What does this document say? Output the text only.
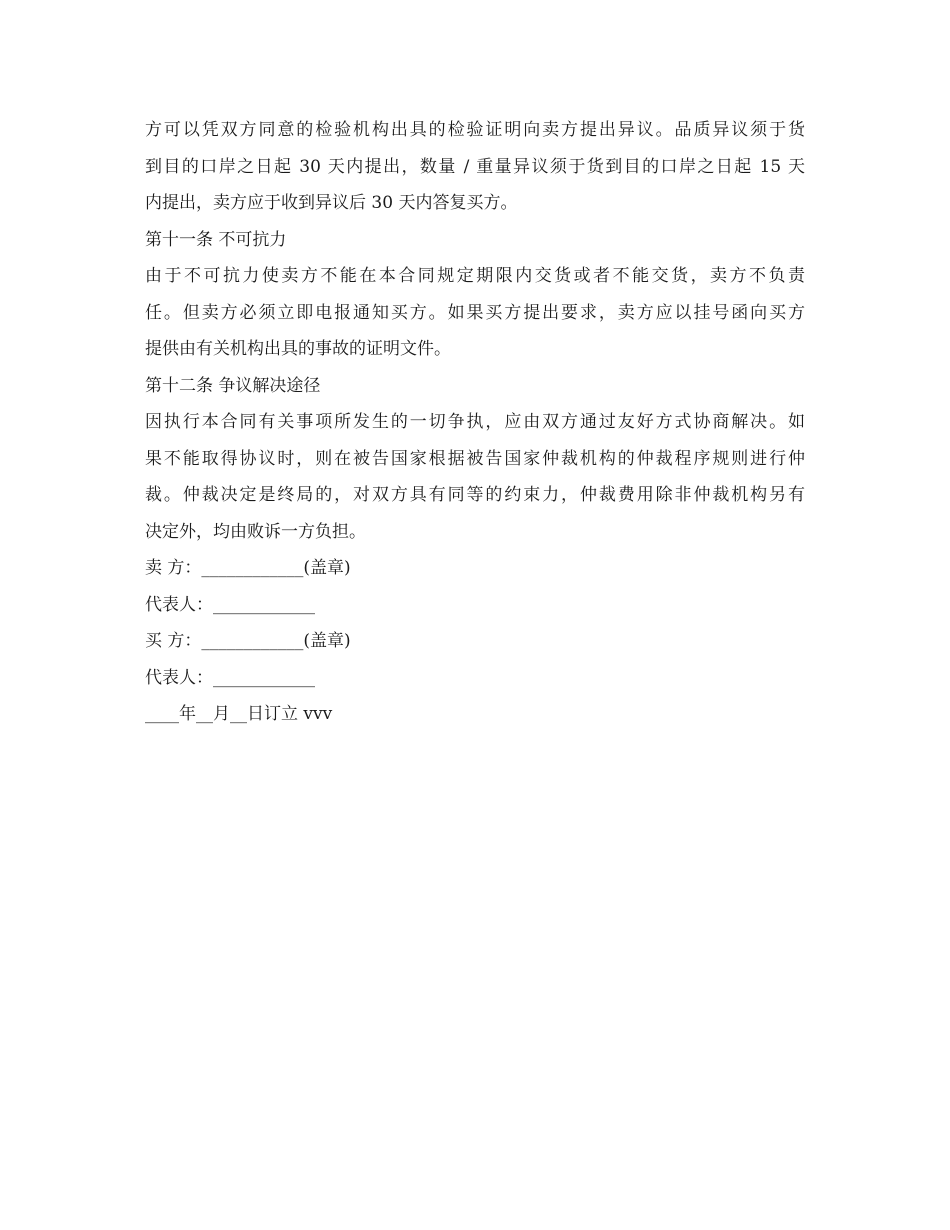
方可以凭双方同意的检验机构出具的检验证明向卖方提出异议。品质异议须于货

到目的口岸之日起 30 天内提出，数量 / 重量异议须于货到目的口岸之日起 15 天

内提出，卖方应于收到异议后 30 天内答复买方。

第十一条 不可抗力

由于不可抗力使卖方不能在本合同规定期限内交货或者不能交货，卖方不负责

任。但卖方必须立即电报通知买方。如果买方提出要求，卖方应以挂号函向买方

提供由有关机构出具的事故的证明文件。

第十二条 争议解决途径

因执行本合同有关事项所发生的一切争执，应由双方通过友好方式协商解决。如

果不能取得协议时，则在被告国家根据被告国家仲裁机构的仲裁程序规则进行仲

裁。仲裁决定是终局的，对双方具有同等的约束力，仲裁费用除非仲裁机构另有

决定外，均由败诉一方负担。

卖 方：____________(盖章)

代表人：____________

买 方：____________(盖章)

代表人：____________

____年__月__日订立 vvv
